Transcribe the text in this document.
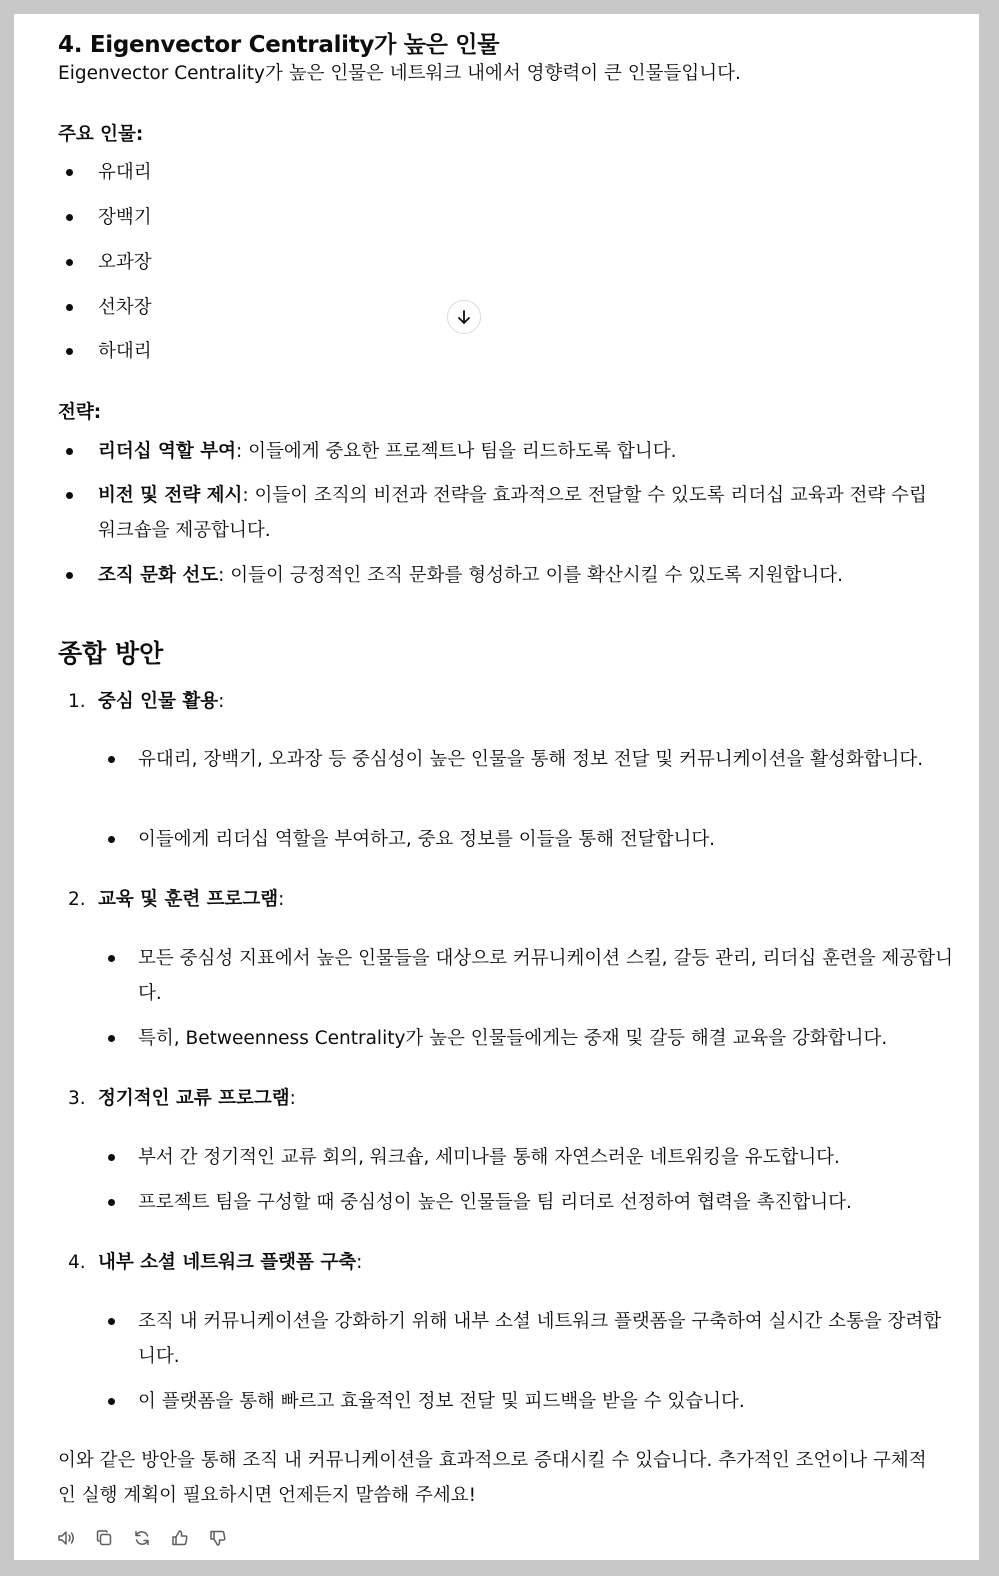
4. Eigenvector Centrality가 높은 인물
Eigenvector Centrality가 높은 인물은 네트워크 내에서 영향력이 큰 인물들입니다.
주요 인물:
유대리
장백기
오과장
선차장
하대리
전략:
리더십 역할 부여: 이들에게 중요한 프로젝트나 팀을 리드하도록 합니다.
비전 및 전략 제시: 이들이 조직의 비전과 전략을 효과적으로 전달할 수 있도록 리더십 교육과 전략 수립 워크숍을 제공합니다.
조직 문화 선도: 이들이 긍정적인 조직 문화를 형성하고 이를 확산시킬 수 있도록 지원합니다.
종합 방안
1. 중심 인물 활용:
유대리, 장백기, 오과장 등 중심성이 높은 인물을 통해 정보 전달 및 커뮤니케이션을 활성화합니다.
이들에게 리더십 역할을 부여하고, 중요 정보를 이들을 통해 전달합니다.
2. 교육 및 훈련 프로그램:
모든 중심성 지표에서 높은 인물들을 대상으로 커뮤니케이션 스킬, 갈등 관리, 리더십 훈련을 제공합니다.
특히, Betweenness Centrality가 높은 인물들에게는 중재 및 갈등 해결 교육을 강화합니다.
3. 정기적인 교류 프로그램:
부서 간 정기적인 교류 회의, 워크숍, 세미나를 통해 자연스러운 네트워킹을 유도합니다.
프로젝트 팀을 구성할 때 중심성이 높은 인물들을 팀 리더로 선정하여 협력을 촉진합니다.
4. 내부 소셜 네트워크 플랫폼 구축:
조직 내 커뮤니케이션을 강화하기 위해 내부 소셜 네트워크 플랫폼을 구축하여 실시간 소통을 장려합니다.
이 플랫폼을 통해 빠르고 효율적인 정보 전달 및 피드백을 받을 수 있습니다.
이와 같은 방안을 통해 조직 내 커뮤니케이션을 효과적으로 증대시킬 수 있습니다. 추가적인 조언이나 구체적인 실행 계획이 필요하시면 언제든지 말씀해 주세요!
